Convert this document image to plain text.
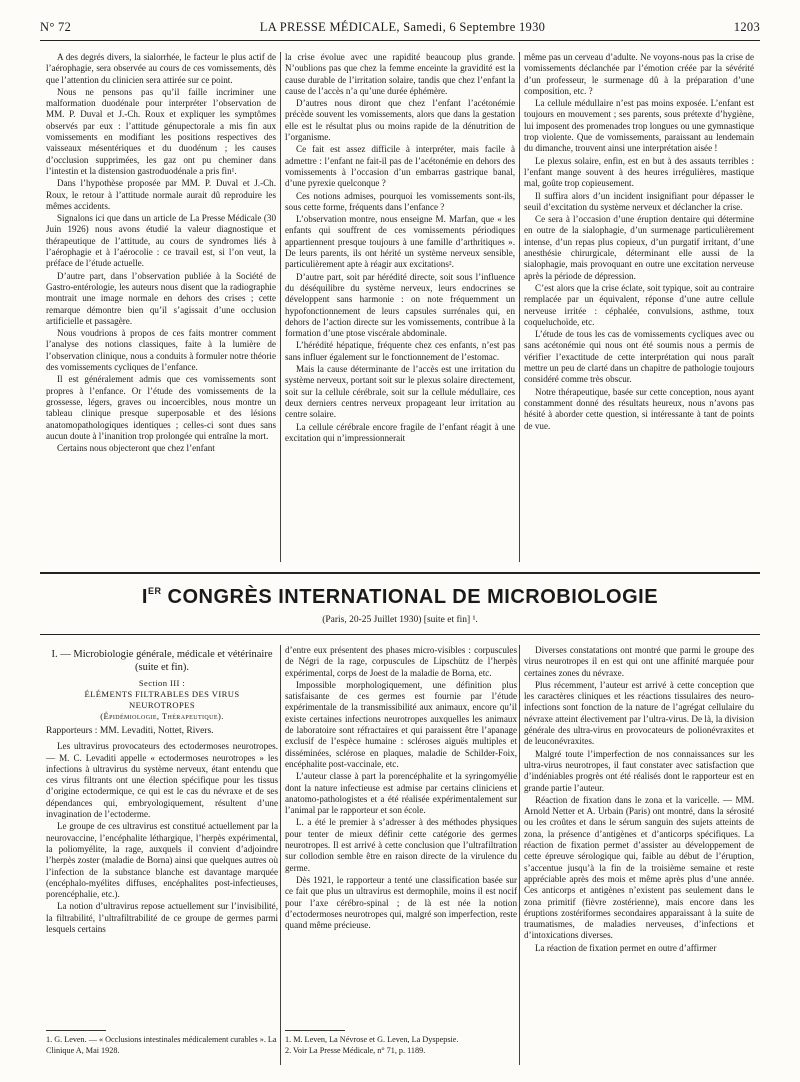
N° 72	LA PRESSE MÉDICALE, Samedi, 6 Septembre 1930	1203

A des degrés divers, la sialorrhée, le facteur le plus actif de l’aérophagie, sera observée au cours de ces vomissements, dès que l’attention du clinicien sera attirée sur ce point.

Nous ne pensons pas qu’il faille incriminer une malformation duodénale pour interpréter l’observation de MM. P. Duval et J.-Ch. Roux et expliquer les symptômes observés par eux : l’attitude génupectorale a mis fin aux vomissements en modifiant les positions respectives des vaisseaux mésentériques et du duodénum ; les causes d’occlusion supprimées, les gaz ont pu cheminer dans l’intestin et la distension gastroduodénale a pris fin¹.

Dans l’hypothèse proposée par MM. P. Duval et J.-Ch. Roux, le retour à l’attitude normale aurait dû reproduire les mêmes accidents.

Signalons ici que dans un article de La Presse Médicale (30 Juin 1926) nous avons étudié la valeur diagnostique et thérapeutique de l’attitude, au cours de syndromes liés à l’aérophagie et à l’aérocolie : ce travail est, si l’on veut, la préface de l’étude actuelle.

D’autre part, dans l’observation publiée à la Société de Gastro-entérologie, les auteurs nous disent que la radiographie montrait une image normale en dehors des crises ; cette remarque démontre bien qu’il s’agissait d’une occlusion artificielle et passagère.

Nous voudrions à propos de ces faits montrer comment l’analyse des notions classiques, faite à la lumière de l’observation clinique, nous a conduits à formuler notre théorie des vomissements cycliques de l’enfance.

Il est généralement admis que ces vomissements sont propres à l’enfance. Or l’étude des vomissements de la grossesse, légers, graves ou incoercibles, nous montre un tableau clinique presque superposable et des lésions anatomopathologiques identiques ; celles-ci sont dues sans aucun doute à l’inanition trop prolongée qui entraîne la mort.

Certains nous objecteront que chez l’enfant

la crise évolue avec une rapidité beaucoup plus grande. N’oublions pas que chez la femme enceinte la gravidité est la cause durable de l’irritation solaire, tandis que chez l’enfant la cause de l’accès n’a qu’une durée éphémère.

D’autres nous diront que chez l’enfant l’acétonémie précède souvent les vomissements, alors que dans la gestation elle est le résultat plus ou moins rapide de la dénutrition de l’organisme.

Ce fait est assez difficile à interpréter, mais facile à admettre : l’enfant ne fait-il pas de l’acétonémie en dehors des vomissements à l’occasion d’un embarras gastrique banal, d’une pyrexie quelconque ?

Ces notions admises, pourquoi les vomissements sont-ils, sous cette forme, fréquents dans l’enfance ?

L’observation montre, nous enseigne M. Marfan, que « les enfants qui souffrent de ces vomissements périodiques appartiennent presque toujours à une famille d’arthritiques ». De leurs parents, ils ont hérité un système nerveux sensible, particulièrement apte à réagir aux excitations².

D’autre part, soit par hérédité directe, soit sous l’influence du déséquilibre du système nerveux, leurs endocrines se développent sans harmonie : on note fréquemment un hypofonctionnement de leurs capsules surrénales qui, en dehors de l’action directe sur les vomissements, contribue à la formation d’une ptose viscérale abdominale.

L’hérédité hépatique, fréquente chez ces enfants, n’est pas sans influer également sur le fonctionnement de l’estomac.

Mais la cause déterminante de l’accès est une irritation du système nerveux, portant soit sur le plexus solaire directement, soit sur la cellule cérébrale, soit sur la cellule médullaire, ces deux derniers centres nerveux propageant leur irritation au centre solaire.

La cellule cérébrale encore fragile de l’enfant réagit à une excitation qui n’impressionnerait

même pas un cerveau d’adulte. Ne voyons-nous pas la crise de vomissements déclanchée par l’émotion créée par la sévérité d’un professeur, le surmenage dû à la préparation d’une composition, etc. ?

La cellule médullaire n’est pas moins exposée. L’enfant est toujours en mouvement ; ses parents, sous prétexte d’hygiène, lui imposent des promenades trop longues ou une gymnastique trop violente. Que de vomissements, paraissant au lendemain du dimanche, trouvent ainsi une interprétation aisée !

Le plexus solaire, enfin, est en but à des assauts terribles : l’enfant mange souvent à des heures irrégulières, mastique mal, goûte trop copieusement.

Il suffira alors d’un incident insignifiant pour dépasser le seuil d’excitation du système nerveux et déclancher la crise.

Ce sera à l’occasion d’une éruption dentaire qui détermine en outre de la sialophagie, d’un surmenage particulièrement intense, d’un repas plus copieux, d’un purgatif irritant, d’une anesthésie chirurgicale, déterminant elle aussi de la sialophagie, mais provoquant en outre une excitation nerveuse après la période de dépression.

C’est alors que la crise éclate, soit typique, soit au contraire remplacée par un équivalent, réponse d’une autre cellule nerveuse irritée : céphalée, convulsions, asthme, toux coqueluchoïde, etc.

L’étude de tous les cas de vomissements cycliques avec ou sans acétonémie qui nous ont été soumis nous a permis de vérifier l’exactitude de cette interprétation qui nous paraît mettre un peu de clarté dans un chapitre de pathologie toujours considéré comme très obscur.

Notre thérapeutique, basée sur cette conception, nous ayant constamment donné des résultats heureux, nous n’avons pas hésité à aborder cette question, si intéressante à tant de points de vue.

IER CONGRÈS INTERNATIONAL DE MICROBIOLOGIE
(Paris, 20-25 Juillet 1930) [suite et fin] ¹.
I. — Microbiologie générale, médicale et vétérinaire (suite et fin).
Section III :
ÉLÉMENTS FILTRABLES DES VIRUS
NEUROTROPES
(Épidémiologie, Thérapeutique).
Rapporteurs : MM. Levaditi, Nottet, Rivers.

Les ultravirus provocateurs des ectodermoses neurotropes. — M. C. Levaditi appelle « ectodermoses neurotropes » les infections à ultravirus du système nerveux, étant entendu que ces virus filtrants ont une élection spécifique pour les tissus d’origine ectodermique, ce qui est le cas du névraxe et de ses dépendances qui, embryologiquement, résultent d’une invagination de l’ectoderme.

Le groupe de ces ultravirus est constitué actuellement par la neurovaccine, l’encéphalite léthargique, l’herpès expérimental, la poliomyélite, la rage, auxquels il convient d’adjoindre l’herpès zoster (maladie de Borna) ainsi que quelques autres où l’infection de la substance blanche est davantage marquée (encéphalo-myélites diffuses, encéphalites post-infectieuses, porencéphalie, etc.).

La notion d’ultravirus repose actuellement sur l’invisibilité, la filtrabilité, l’ultrafiltrabilité de ce groupe de germes parmi lesquels certains

d’entre eux présentent des phases micro-visibles : corpuscules de Négri de la rage, corpuscules de Lipschütz de l’herpès expérimental, corps de Joest de la maladie de Borna, etc.

Impossible morphologiquement, une définition plus satisfaisante de ces germes est fournie par l’étude expérimentale de la transmissibilité aux animaux, encore qu’il existe certaines infections neurotropes auxquelles les animaux de laboratoire sont réfractaires et qui paraissent être l’apanage exclusif de l’espèce humaine : scléroses aiguës multiples et disséminées, sclérose en plaques, maladie de Schilder-Foix, encéphalite post-vaccinale, etc.

L’auteur classe à part la porencéphalite et la syringomyélie dont la nature infectieuse est admise par certains cliniciens et anatomo-pathologistes et a été réalisée expérimentalement sur l’animal par le rapporteur et son école.

L. a été le premier à s’adresser à des méthodes physiques pour tenter de mieux définir cette catégorie des germes neurotropes. Il est arrivé à cette conclusion que l’ultrafiltration sur collodion semble être en raison directe de la virulence du germe.

Dès 1921, le rapporteur a tenté une classification basée sur ce fait que plus un ultravirus est dermophile, moins il est nocif pour l’axe cérébro-spinal ; de là est née la notion d’ectodermoses neurotropes qui, malgré son imperfection, reste quand même précieuse.

Diverses constatations ont montré que parmi le groupe des virus neurotropes il en est qui ont une affinité marquée pour certaines zones du névraxe.

Plus récemment, l’auteur est arrivé à cette conception que les caractères cliniques et les réactions tissulaires des neuro-infections sont fonction de la nature de l’agrégat cellulaire du névraxe atteint électivement par l’ultra-virus. De là, la division générale des ultra-virus en provocateurs de polionévraxites et de leuconévraxites.

Malgré toute l’imperfection de nos connaissances sur les ultra-virus neurotropes, il faut constater avec satisfaction que d’indéniables progrès ont été réalisés dont le rapporteur est en grande partie l’auteur.

Réaction de fixation dans le zona et la varicelle. — MM. Arnold Netter et A. Urbain (Paris) ont montré, dans la sérosité ou les croûtes et dans le sérum sanguin des sujets atteints de zona, la présence d’antigènes et d’anticorps spécifiques. La réaction de fixation permet d’assister au développement de cette épreuve sérologique qui, faible au début de l’éruption, s’accentue jusqu’à la fin de la troisième semaine et reste appréciable après des mois et même après plus d’une année. Ces anticorps et antigènes n’existent pas seulement dans le zona primitif (fièvre zostérienne), mais encore dans les éruptions zostériformes secondaires apparaissant à la suite de traumatismes, de maladies nerveuses, d’infections et d’intoxications diverses.

La réaction de fixation permet en outre d’affirmer

1. G. Leven. — « Occlusions intestinales médicalement curables ». La Clinique A, Mai 1928.
1. M. Leven, La Névrose et G. Leven, La Dyspepsie.
2. Voir La Presse Médicale, n° 71, p. 1189.
